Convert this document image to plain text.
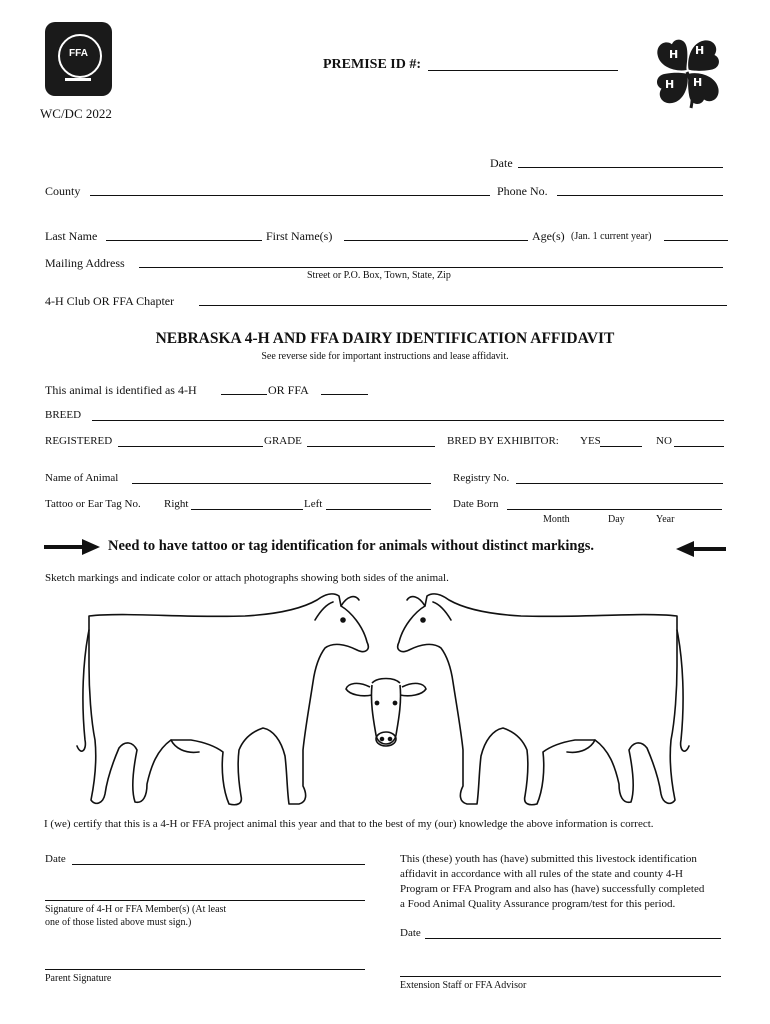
FFA
PREMISE ID #:
H H
H H
WC/DC 2022
Date
County	Phone No.
Last Name	First Name(s)	Age(s) (Jan. 1 current year)
Mailing Address
Street or P.O. Box, Town, State, Zip
4-H Club OR FFA Chapter
NEBRASKA 4-H AND FFA DAIRY IDENTIFICATION AFFIDAVIT
See reverse side for important instructions and lease affidavit.
This animal is identified as 4-H	OR FFA
BREED
REGISTERED	GRADE	BRED BY EXHIBITOR: YES	NO
Name of Animal	Registry No.
Tattoo or Ear Tag No. Right	Left	Date Born
Month	Day	Year
Need to have tattoo or tag identification for animals without distinct markings.
Sketch markings and indicate color or attach photographs showing both sides of the animal.
I (we) certify that this is a 4-H or FFA project animal this year and that to the best of my (our) knowledge the above information is correct.
Date
Signature of 4-H or FFA Member(s) (At least
one of those listed above must sign.)
Parent Signature
This (these) youth has (have) submitted this livestock identification
affidavit in accordance with all rules of the state and county 4-H
Program or FFA Program and also has (have) successfully completed
a Food Animal Quality Assurance program/test for this period.
Date
Extension Staff or FFA Advisor
